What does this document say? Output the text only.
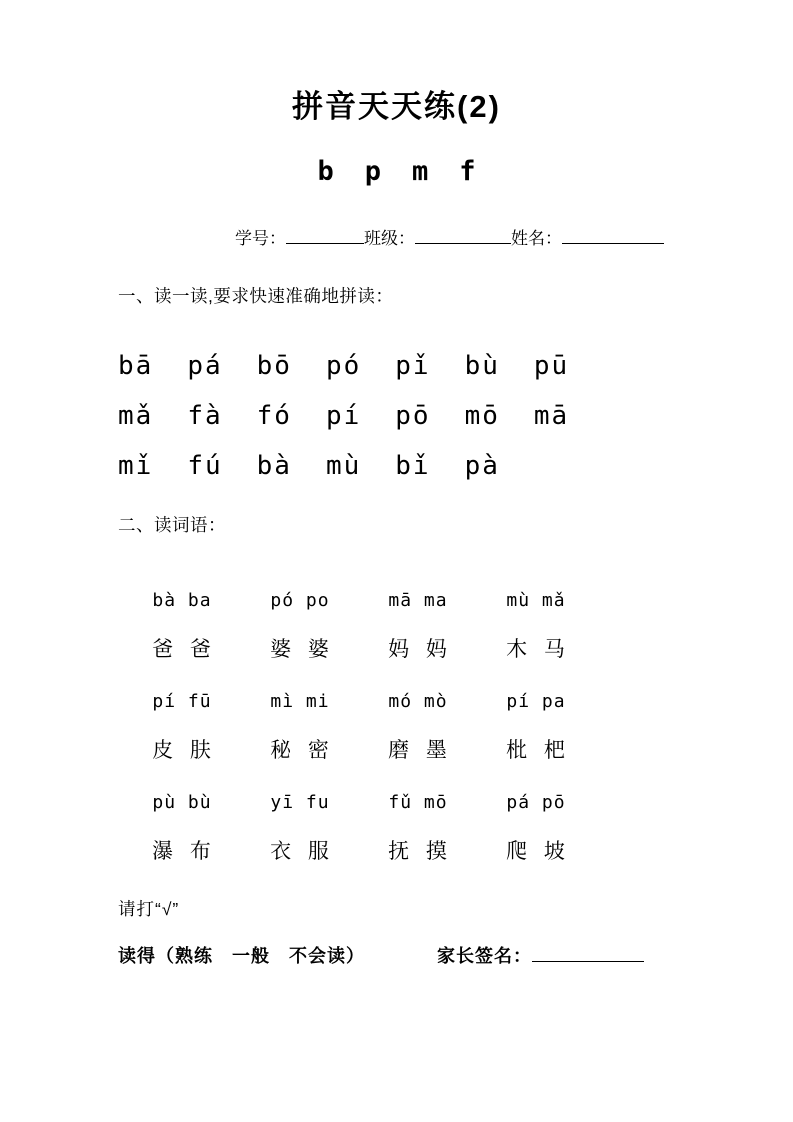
拼音天天练(2)
b p m f
学号：	班级：	姓名：
一、读一读,要求快速准确地拼读：
bā pá bō pó pǐ bù pū
mǎ fà fó pí pō mō mā
mǐ fú bà mù bǐ pà
二、读词语：
bà ba	pó po	mā ma	mù mǎ
爸 爸	婆 婆	妈 妈	木 马
pí fū	mì mi	mó mò	pí pa
皮 肤	秘 密	磨 墨	枇 杷
pù bù	yī fu	fǔ mō	pá pō
瀑 布	衣 服	抚 摸	爬 坡
请打“√”
读得（熟练　一般　不会读）	家长签名：
